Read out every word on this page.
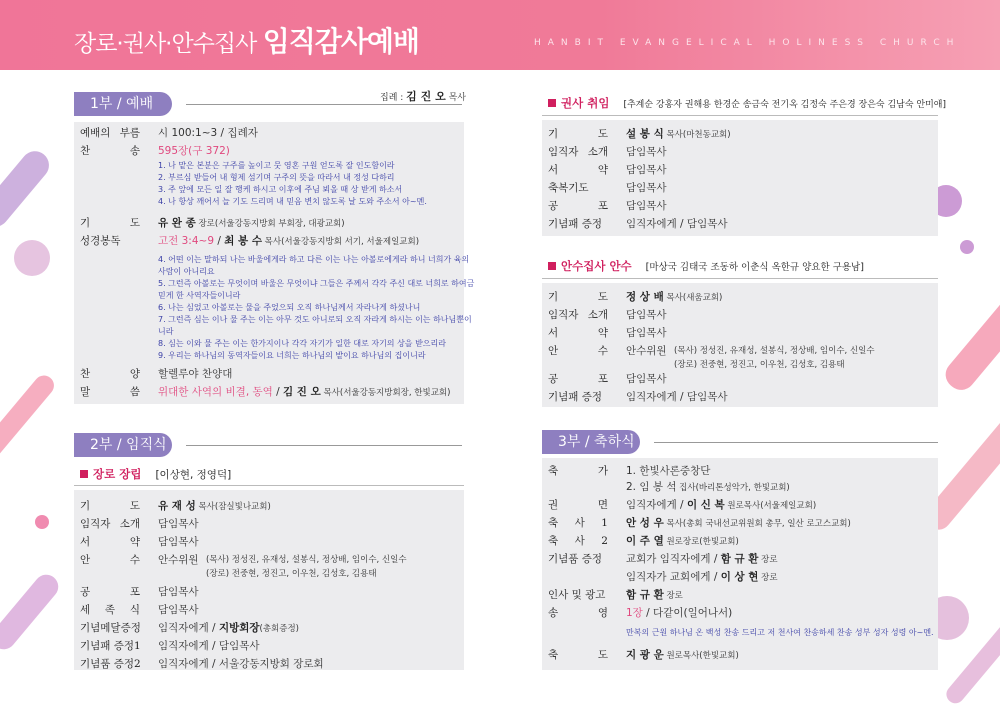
장로·권사·안수집사 임직감사예배	HANBIT EVANGELICAL HOLINESS CHURCH
1부 / 예배	집례 : 김 진 오 목사
예배의 부름 시 100:1~3 / 집례자
찬 송 595장(구 372)
1. 나 맡은 본분은 구주를 높이고 뭇 영혼 구원 얻도록 잘 인도함이라
2. 부르심 받들어 내 형제 섬기며 구주의 뜻을 따라서 내 정성 다하리
3. 주 앞에 모든 일 잘 행케 하시고 이후에 주님 뵈올 때 상 받게 하소서
4. 나 항상 깨어서 늘 기도 드리며 내 믿음 변치 않도록 날 도와 주소서 아~멘.
기 도 유 완 종 장로(서울강동지방회 부회장, 대광교회)
성경봉독	고전 3:4~9 / 최 봉 수 목사(서울강동지방회 서기, 서울제일교회)
4. 어떤 이는 말하되 나는 바울에게라 하고 다른 이는 나는 아볼로에게라 하니 너희가 육의
사람이 아니리요
5. 그런즉 아볼로는 무엇이며 바울은 무엇이냐 그들은 주께서 각각 주신 대로 너희로 하여금
믿게 한 사역자들이니라
6. 나는 심었고 아볼로는 물을 주었으되 오직 하나님께서 자라나게 하셨나니
7. 그런즉 심는 이나 물 주는 이는 아무 것도 아니로되 오직 자라게 하시는 이는 하나님뿐이
니라
8. 심는 이와 물 주는 이는 한가지이나 각각 자기가 일한 대로 자기의 상을 받으리라
9. 우리는 하나님의 동역자들이요 너희는 하나님의 밭이요 하나님의 집이니라
찬 양 할렐루야 찬양대
말 씀 위대한 사역의 비결, 동역 / 김 진 오 목사(서울강동지방회장, 한빛교회)
2부 / 임직식
장로 장립 [이상현, 정영덕]
기 도 유 재 성 목사(잠실빛나교회)
임직자 소개 담임목사
서 약 담임목사
안 수 안수위원 (목사) 정성진, 유재성, 설봉식, 정상배, 임이수, 신일수
(장로) 전중현, 정진고, 이우천, 김성호, 김용태
공 포 담임목사
세 족 식 담임목사
기념메달증정	임직자에게 / 지방회장(총회증정)
기념패 증정1	임직자에게 / 담임목사
기념품 증정2	임직자에게 / 서울강동지방회 장로회
권사 취임 [추계순 강홍자 권해용 한경순 송금숙 전기옥 김정숙 주은경 장은숙 김남숙 안미애]
기 도 설 봉 식 목사(마천동교회)
임직자 소개 담임목사
서 약 담임목사
축복기도	담임목사
공 포 담임목사
기념패 증정	임직자에게 / 담임목사
안수집사 안수 [마상국 김태국 조동하 이춘식 옥한규 양요한 구용남]
기 도 정 상 배 목사(새움교회)
임직자 소개 담임목사
서 약 담임목사
안 수 안수위원 (목사) 정성진, 유재성, 설봉식, 정상배, 임이수, 신일수
(장로) 전중현, 정진고, 이우천, 김성호, 김용태
공 포 담임목사
기념패 증정	임직자에게 / 담임목사
3부 / 축하식
축 가 1. 한빛사론중창단
2. 임 봉 석 집사(바리톤성악가, 한빛교회)
권 면 임직자에게 / 이 신 복 원로목사(서울제일교회)
축 사 1 안 성 우 목사(총회 국내선교위원회 총무, 일산 로고스교회)
축 사 2 이 주 열 원로장로(한빛교회)
기념품 증정	교회가 임직자에게 / 함 규 환 장로
임직자가 교회에게 / 이 상 현 장로
인사 및 광고	함 규 환 장로
송 영 1장 / 다같이(일어나서)
만복의 근원 하나님 온 백성 찬송 드리고 저 천사여 찬송하세 찬송 성부 성자 성령 아~멘.
축 도 지 광 운 원로목사(한빛교회)
